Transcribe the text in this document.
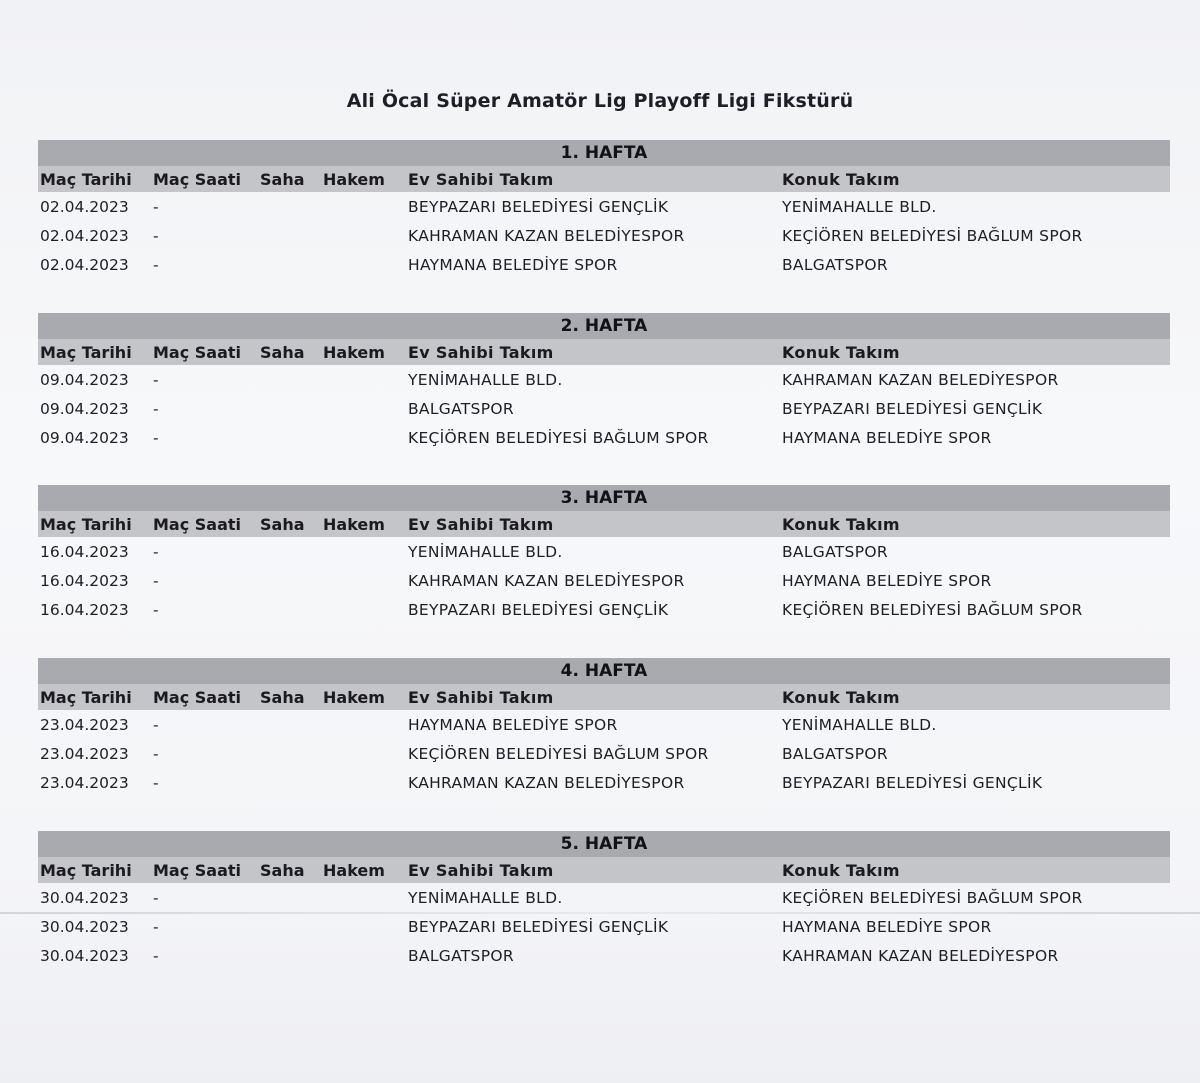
Ali Öcal Süper Amatör Lig Playoff Ligi Fikstürü
1. HAFTA
Maç Tarihi Maç Saati Saha Hakem Ev Sahibi Takım	Konuk Takım
02.04.2023 -	BEYPAZARI BELEDİYESİ GENÇLİK	YENİMAHALLE BLD.
02.04.2023 -	KAHRAMAN KAZAN BELEDİYESPOR	KEÇİÖREN BELEDİYESİ BAĞLUM SPOR
02.04.2023 -	HAYMANA BELEDİYE SPOR	BALGATSPOR
2. HAFTA
Maç Tarihi Maç Saati Saha Hakem Ev Sahibi Takım	Konuk Takım
09.04.2023 -	YENİMAHALLE BLD.	KAHRAMAN KAZAN BELEDİYESPOR
09.04.2023 -	BALGATSPOR	BEYPAZARI BELEDİYESİ GENÇLİK
09.04.2023 -	KEÇİÖREN BELEDİYESİ BAĞLUM SPOR	HAYMANA BELEDİYE SPOR
3. HAFTA
Maç Tarihi Maç Saati Saha Hakem Ev Sahibi Takım	Konuk Takım
16.04.2023 -	YENİMAHALLE BLD.	BALGATSPOR
16.04.2023 -	KAHRAMAN KAZAN BELEDİYESPOR	HAYMANA BELEDİYE SPOR
16.04.2023 -	BEYPAZARI BELEDİYESİ GENÇLİK	KEÇİÖREN BELEDİYESİ BAĞLUM SPOR
4. HAFTA
Maç Tarihi Maç Saati Saha Hakem Ev Sahibi Takım	Konuk Takım
23.04.2023 -	HAYMANA BELEDİYE SPOR	YENİMAHALLE BLD.
23.04.2023 -	KEÇİÖREN BELEDİYESİ BAĞLUM SPOR	BALGATSPOR
23.04.2023 -	KAHRAMAN KAZAN BELEDİYESPOR	BEYPAZARI BELEDİYESİ GENÇLİK
5. HAFTA
Maç Tarihi Maç Saati Saha Hakem Ev Sahibi Takım	Konuk Takım
30.04.2023 -	YENİMAHALLE BLD.	KEÇİÖREN BELEDİYESİ BAĞLUM SPOR
30.04.2023 -	BEYPAZARI BELEDİYESİ GENÇLİK	HAYMANA BELEDİYE SPOR
30.04.2023 -	BALGATSPOR	KAHRAMAN KAZAN BELEDİYESPOR
